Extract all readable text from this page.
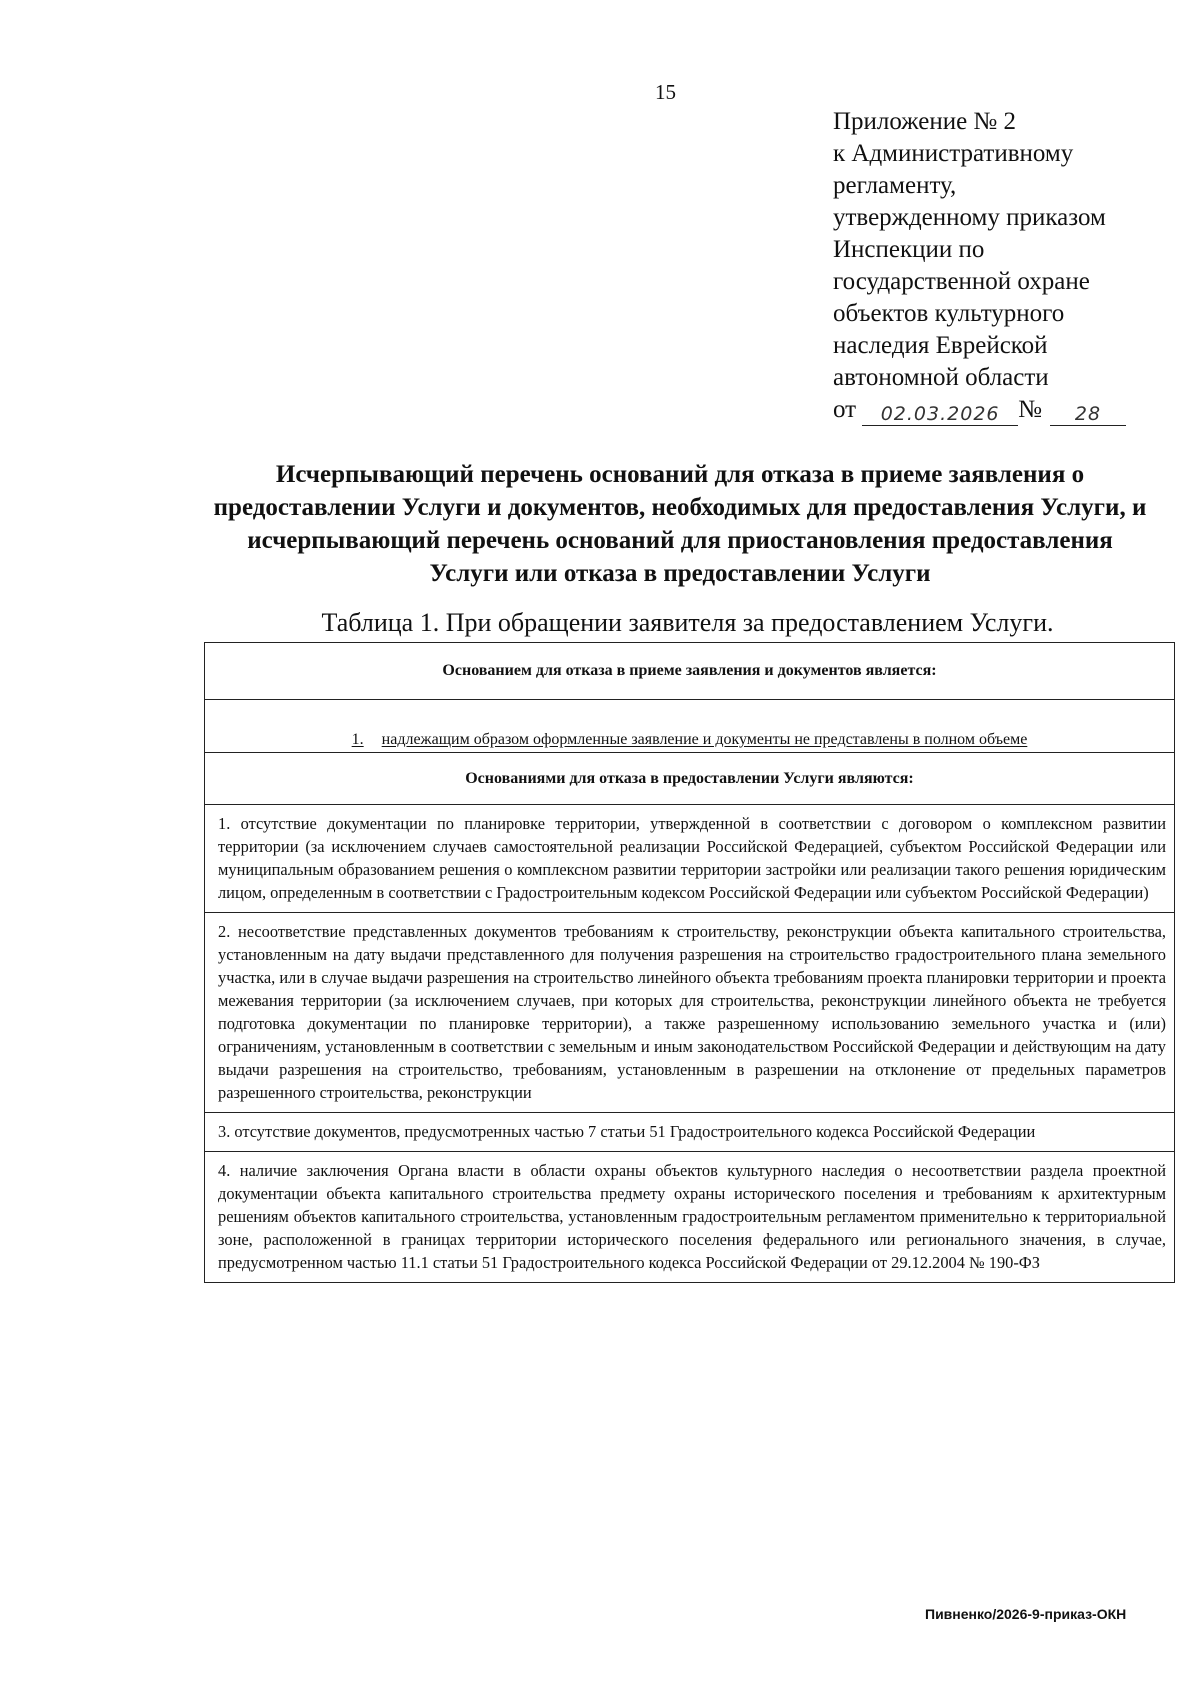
15
Приложение № 2
к Административному
регламенту,
утвержденному приказом
Инспекции по
государственной охране
объектов культурного
наследия Еврейской
автономной области
от	02.03.2026 №	28
Исчерпывающий перечень оснований для отказа в приеме заявления о предоставлении Услуги и документов, необходимых для предоставления Услуги, и исчерпывающий перечень оснований для приостановления предоставления Услуги или отказа в предоставлении Услуги
Таблица 1. При обращении заявителя за предоставлением Услуги.
Основанием для отказа в приеме заявления и документов является:
1. надлежащим образом оформленные заявление и документы не представлены в полном объеме
Основаниями для отказа в предоставлении Услуги являются:
1. отсутствие документации по планировке территории, утвержденной в соответствии с договором о комплексном развитии территории (за исключением случаев самостоятельной реализации Российской Федерацией, субъектом Российской Федерации или муниципальным образованием решения о комплексном развитии территории застройки или реализации такого решения юридическим лицом, определенным в соответствии с Градостроительным кодексом Российской Федерации или субъектом Российской Федерации)
2. несоответствие представленных документов требованиям к строительству, реконструкции объекта капитального строительства, установленным на дату выдачи представленного для получения разрешения на строительство градостроительного плана земельного участка, или в случае выдачи разрешения на строительство линейного объекта требованиям проекта планировки территории и проекта межевания территории (за исключением случаев, при которых для строительства, реконструкции линейного объекта не требуется подготовка документации по планировке территории), а также разрешенному использованию земельного участка и (или) ограничениям, установленным в соответствии с земельным и иным законодательством Российской Федерации и действующим на дату выдачи разрешения на строительство, требованиям, установленным в разрешении на отклонение от предельных параметров разрешенного строительства, реконструкции
3. отсутствие документов, предусмотренных частью 7 статьи 51 Градостроительного кодекса Российской Федерации
4. наличие заключения Органа власти в области охраны объектов культурного наследия о несоответствии раздела проектной документации объекта капитального строительства предмету охраны исторического поселения и требованиям к архитектурным решениям объектов капитального строительства, установленным градостроительным регламентом применительно к территориальной зоне, расположенной в границах территории исторического поселения федерального или регионального значения, в случае, предусмотренном частью 11.1 статьи 51 Градостроительного кодекса Российской Федерации от 29.12.2004 № 190-ФЗ
Пивненко/2026-9-приказ-ОКН
